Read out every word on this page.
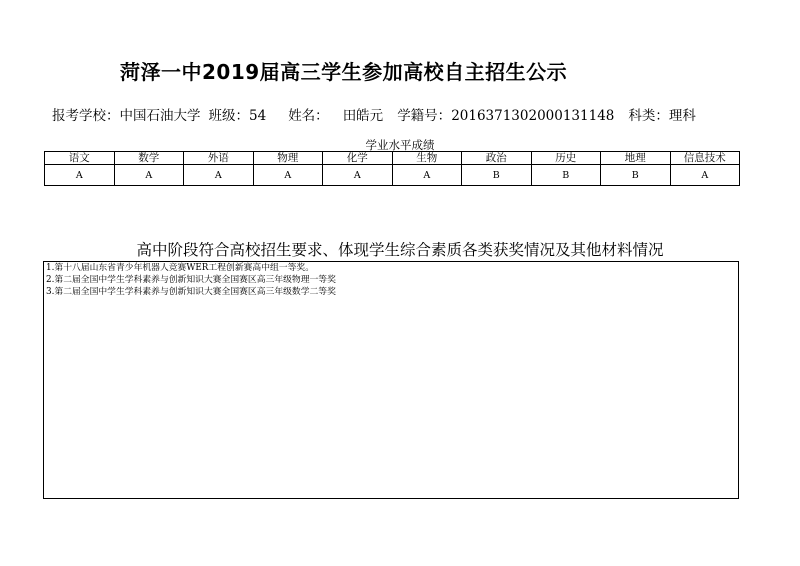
菏泽一中2019届高三学生参加高校自主招生公示
报考学校：中国石油大学 班级：54 姓名： 田皓元 学籍号：2016371302000131148 科类：理科
学业水平成绩
语文	数学	外语	物理	化学	生物	政治	历史	地理	信息技术
A	A	A	A	A	A	B	B	B	A
高中阶段符合高校招生要求、体现学生综合素质各类获奖情况及其他材料情况
1.第十八届山东省青少年机器人竞赛WER工程创新赛高中组一等奖。
2.第二届全国中学生学科素养与创新知识大赛全国赛区高三年级物理一等奖
3.第二届全国中学生学科素养与创新知识大赛全国赛区高三年级数学二等奖
